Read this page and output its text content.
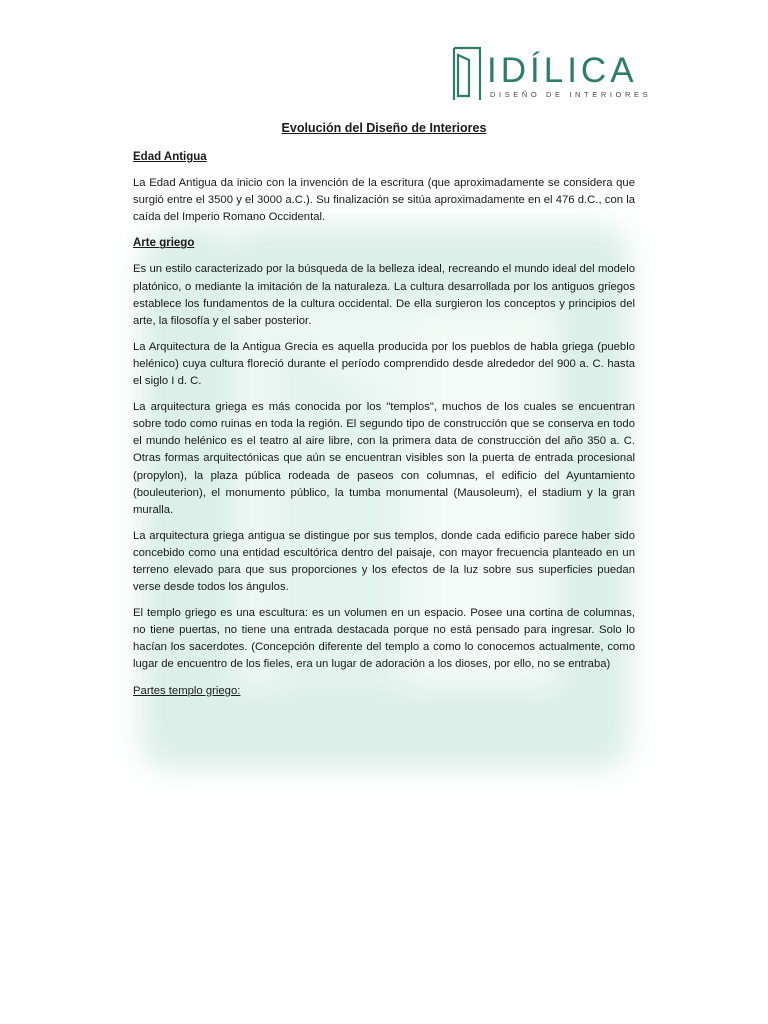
IDÍLICA
DISEÑO DE INTERIORES
Evolución del Diseño de Interiores
Edad Antigua

La Edad Antigua da inicio con la invención de la escritura (que aproximadamente se considera que surgió entre el 3500 y el 3000 a.C.). Su finalización se sitúa aproximadamente en el 476 d.C., con la caída del Imperio Romano Occidental.

Arte griego

Es un estilo caracterizado por la búsqueda de la belleza ideal, recreando el mundo ideal del modelo platónico, o mediante la imitación de la naturaleza. La cultura desarrollada por los antiguos griegos establece los fundamentos de la cultura occidental. De ella surgieron los conceptos y principios del arte, la filosofía y el saber posterior.

La Arquitectura de la Antigua Grecia es aquella producida por los pueblos de habla griega (pueblo helénico) cuya cultura floreció durante el período comprendido desde alrededor del 900 a. C. hasta el siglo I d. C.

La arquitectura griega es más conocida por los "templos", muchos de los cuales se encuentran sobre todo como ruinas en toda la región. El segundo tipo de construcción que se conserva en todo el mundo helénico es el teatro al aire libre, con la primera data de construcción del año 350 a. C. Otras formas arquitectónicas que aún se encuentran visibles son la puerta de entrada procesional (propylon), la plaza pública rodeada de paseos con columnas, el edificio del Ayuntamiento (bouleuterion), el monumento público, la tumba monumental (Mausoleum), el stadium y la gran muralla.

La arquitectura griega antigua se distingue por sus templos, donde cada edificio parece haber sido concebido como una entidad escultórica dentro del paisaje, con mayor frecuencia planteado en un terreno elevado para que sus proporciones y los efectos de la luz sobre sus superficies puedan verse desde todos los ángulos.

El templo griego es una escultura: es un volumen en un espacio. Posee una cortina de columnas, no tiene puertas, no tiene una entrada destacada porque no está pensado para ingresar. Solo lo hacían los sacerdotes. (Concepción diferente del templo a como lo conocemos actualmente, como lugar de encuentro de los fieles, era un lugar de adoración a los dioses, por ello, no se entraba)

Partes templo griego:
